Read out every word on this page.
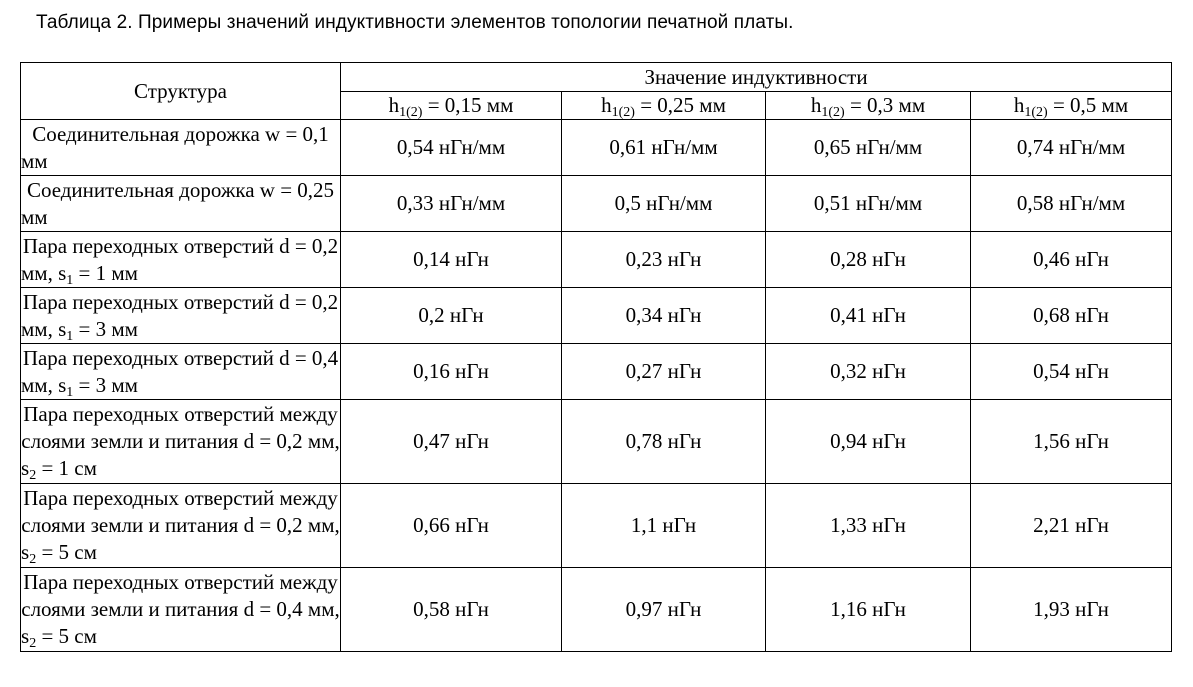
Таблица 2. Примеры значений индуктивности элементов топологии печатной платы.
Структура	Значение индуктивности			
	$h_{1(2)} = 0,15$ мм	$h_{1(2)} = 0,25$ мм	$h_{1(2)} = 0,3$ мм	$h_{1(2)} = 0,5$ мм
Соединительная дорожка w = 0,1 мм	0,54 нГн/мм	0,61 нГн/мм	0,65 нГн/мм	0,74 нГн/мм
Соединительная дорожка w = 0,25 мм	0,33 нГн/мм	0,5 нГн/мм	0,51 нГн/мм	0,58 нГн/мм
Пара переходных отверстий d = 0,2 мм, $s_1 = 1$ мм	0,14 нГн	0,23 нГн	0,28 нГн	0,46 нГн
Пара переходных отверстий d = 0,2 мм, $s_1 = 3$ мм	0,2 нГн	0,34 нГн	0,41 нГн	0,68 нГн
Пара переходных отверстий d = 0,4 мм, $s_1 = 3$ мм	0,16 нГн	0,27 нГн	0,32 нГн	0,54 нГн
Пара переходных отверстий между слоями земли и питания d = 0,2 мм, $s_2 = 1$ см	0,47 нГн	0,78 нГн	0,94 нГн	1,56 нГн
Пара переходных отверстий между слоями земли и питания d = 0,2 мм, $s_2 = 5$ см	0,66 нГн	1,1 нГн	1,33 нГн	2,21 нГн
Пара переходных отверстий между слоями земли и питания d = 0,4 мм, $s_2 = 5$ см	0,58 нГн	0,97 нГн	1,16 нГн	1,93 нГн
